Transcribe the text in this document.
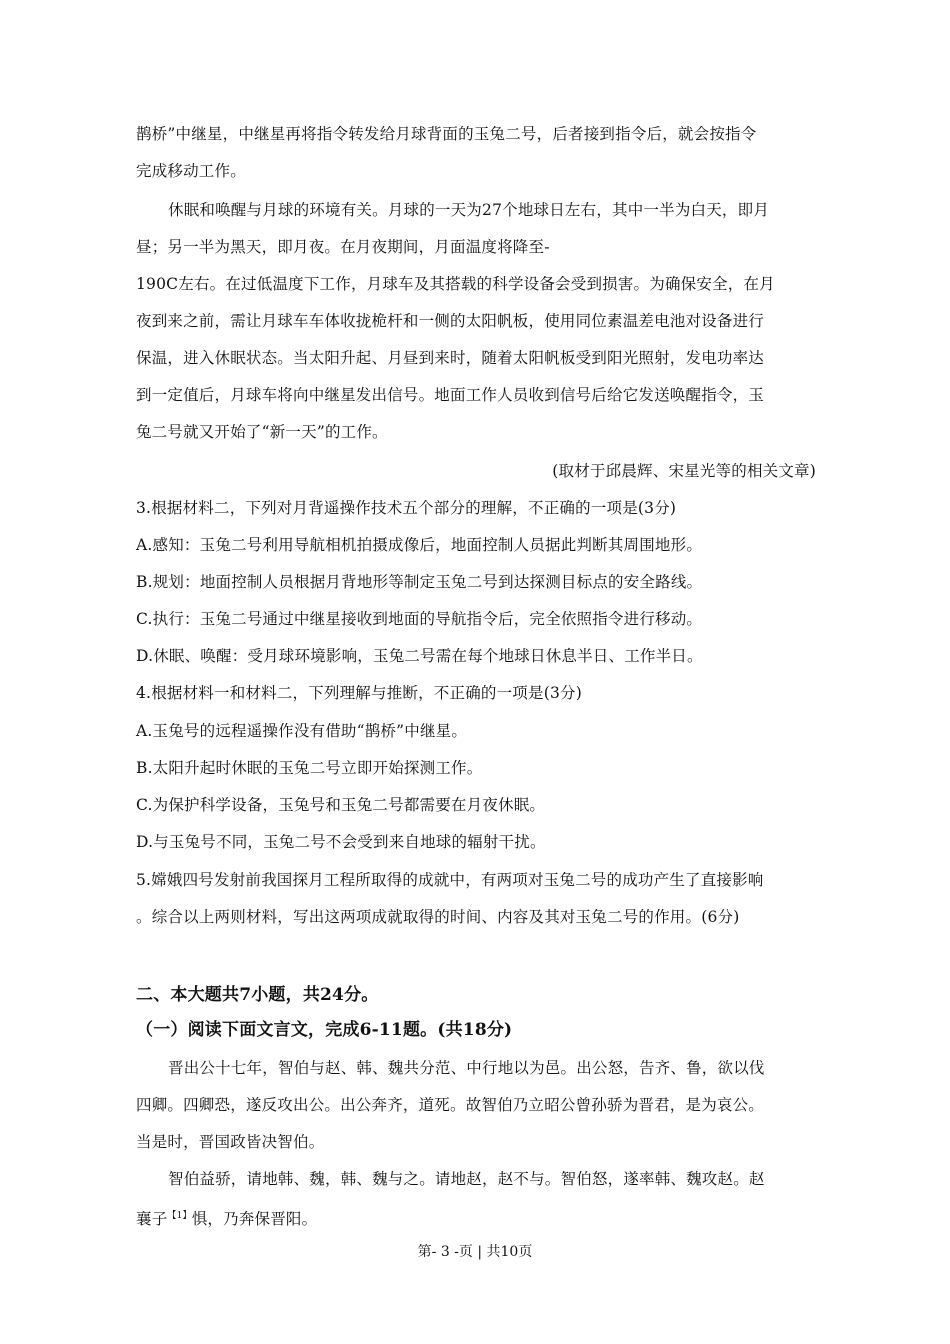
鹊桥”中继星，中继星再将指令转发给月球背面的玉兔二号，后者接到指令后，就会按指令
完成移动工作。
休眠和唤醒与月球的环境有关。月球的一天为27个地球日左右，其中一半为白天，即月
昼；另一半为黑天，即月夜。在月夜期间，月面温度将降至-
190C左右。在过低温度下工作，月球车及其搭载的科学设备会受到损害。为确保安全，在月
夜到来之前，需让月球车车体收拢桅杆和一侧的太阳帆板，使用同位素温差电池对设备进行
保温，进入休眠状态。当太阳升起、月昼到来时，随着太阳帆板受到阳光照射，发电功率达
到一定值后，月球车将向中继星发出信号。地面工作人员收到信号后给它发送唤醒指令，玉
兔二号就又开始了“新一天”的工作。
(取材于邱晨辉、宋星光等的相关文章)
3.根据材料二，下列对月背遥操作技术五个部分的理解，不正确的一项是(3分)
A.感知：玉兔二号利用导航相机拍摄成像后，地面控制人员据此判断其周围地形。
B.规划：地面控制人员根据月背地形等制定玉兔二号到达探测目标点的安全路线。
C.执行：玉兔二号通过中继星接收到地面的导航指令后，完全依照指令进行移动。
D.休眠、唤醒：受月球环境影响，玉兔二号需在每个地球日休息半日、工作半日。
4.根据材料一和材料二，下列理解与推断，不正确的一项是(3分)
A.玉兔号的远程遥操作没有借助“鹊桥”中继星。
B.太阳升起时休眠的玉兔二号立即开始探测工作。
C.为保护科学设备，玉兔号和玉兔二号都需要在月夜休眠。
D.与玉兔号不同，玉兔二号不会受到来自地球的辐射干扰。
5.嫦娥四号发射前我国探月工程所取得的成就中，有两项对玉兔二号的成功产生了直接影响
。综合以上两则材料，写出这两项成就取得的时间、内容及其对玉兔二号的作用。(6分)
二、本大题共7小题，共24分。
（一）阅读下面文言文，完成6-11题。(共18分)
晋出公十七年，智伯与赵、韩、魏共分范、中行地以为邑。出公怒，告齐、鲁，欲以伐
四卿。四卿恐，遂反攻出公。出公奔齐，道死。故智伯乃立昭公曾孙骄为晋君，是为哀公。
当是时，晋国政皆决智伯。
智伯益骄，请地韩、魏，韩、魏与之。请地赵，赵不与。智伯怒，遂率韩、魏攻赵。赵
襄子$^{【1】}$惧，乃奔保晋阳。
第- 3 -页 | 共10页
